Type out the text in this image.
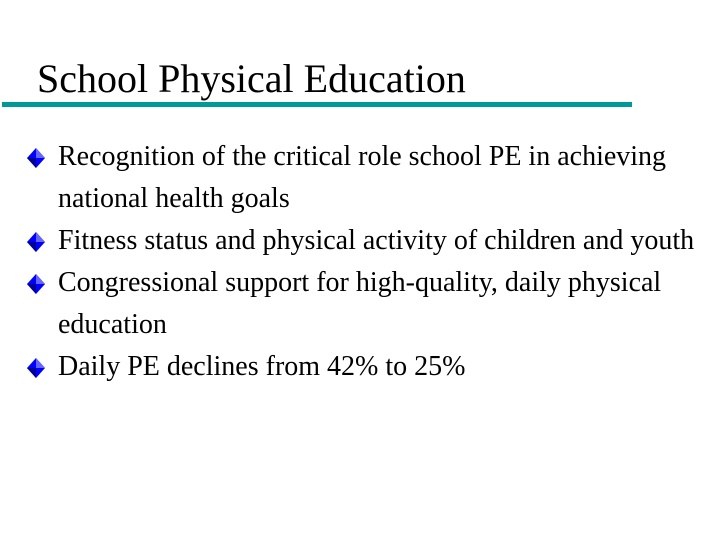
School Physical Education
Recognition of the critical role school PE in achieving national health goals
Fitness status and physical activity of children and youth
Congressional support for high-quality, daily physical education
Daily PE declines from 42% to 25%
